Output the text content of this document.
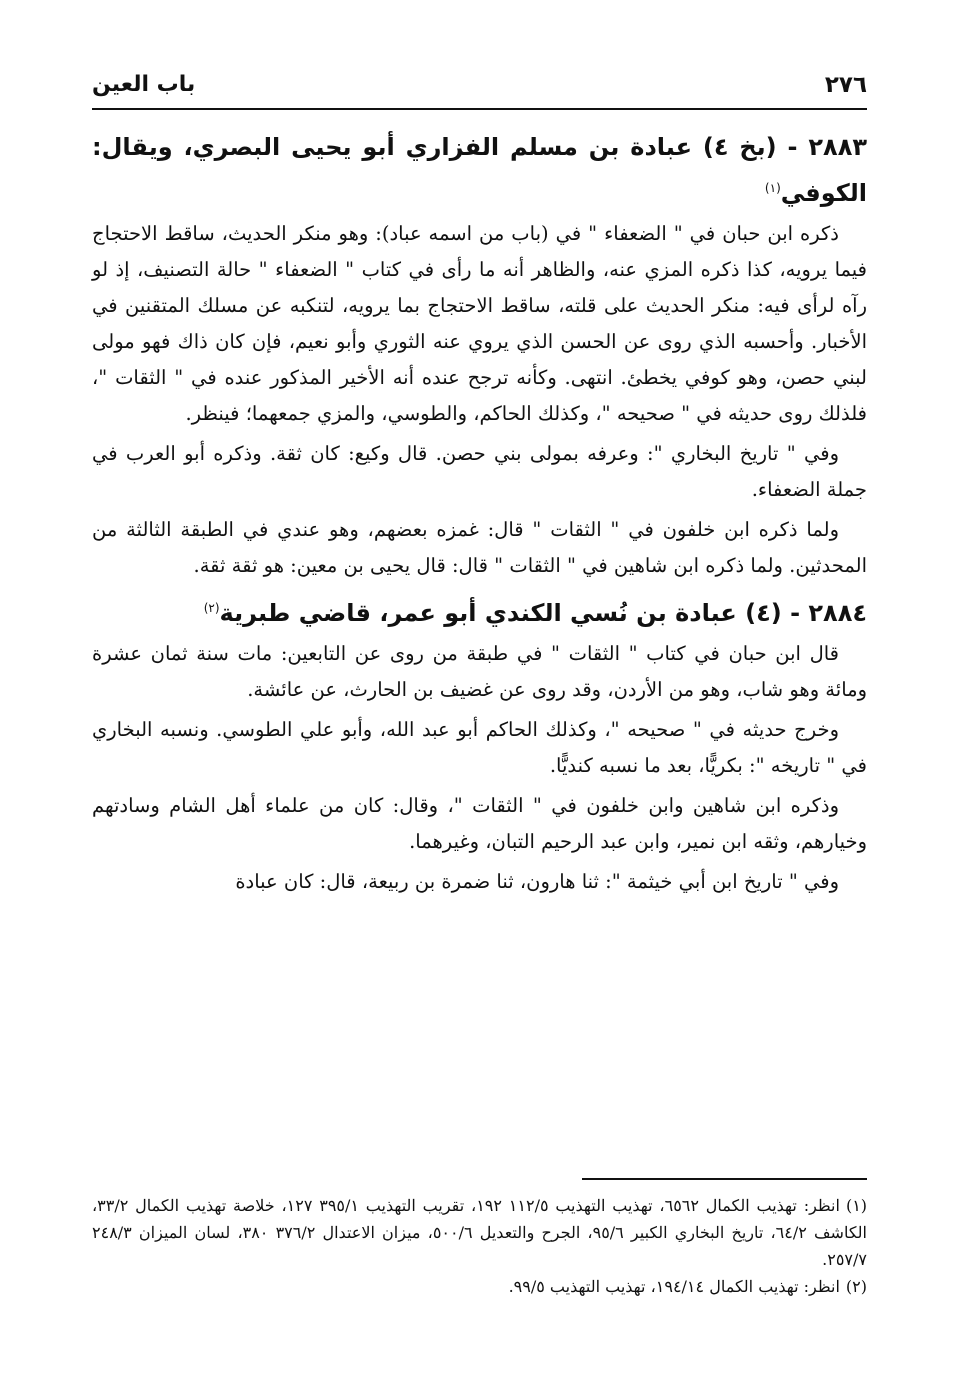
٢٧٦
باب العين
٢٨٨٣ - (بخ ٤) عبادة بن مسلم الفزاري أبو يحيى البصري، ويقال: الكوفي$^{(١)}$

ذكره ابن حبان في " الضعفاء " في (باب من اسمه عباد): وهو منكر الحديث، ساقط الاحتجاج فيما يرويه، كذا ذكره المزي عنه، والظاهر أنه ما رأى في كتاب " الضعفاء " حالة التصنيف، إذ لو رآه لرأى فيه: منكر الحديث على قلته، ساقط الاحتجاج بما يرويه، لتنكبه عن مسلك المتقنين في الأخبار. وأحسبه الذي روى عن الحسن الذي يروي عنه الثوري وأبو نعيم، فإن كان ذاك فهو مولى لبني حصن، وهو كوفي يخطئ. انتهى. وكأنه ترجح عنده أنه الأخير المذكور عنده في " الثقات "، فلذلك روى حديثه في " صحيحه "، وكذلك الحاكم، والطوسي، والمزي جمعهما؛ فينظر.

وفي " تاريخ البخاري ": وعرفه بمولى بني حصن. قال وكيع: كان ثقة. وذكره أبو العرب في جملة الضعفاء.

ولما ذكره ابن خلفون في " الثقات " قال: غمزه بعضهم، وهو عندي في الطبقة الثالثة من المحدثين. ولما ذكره ابن شاهين في " الثقات " قال: قال يحيى بن معين: هو ثقة ثقة.

٢٨٨٤ - (٤) عبادة بن نُسي الكندي أبو عمر، قاضي طبرية$^{(٢)}$

قال ابن حبان في كتاب " الثقات " في طبقة من روى عن التابعين: مات سنة ثمان عشرة ومائة وهو شاب، وهو من الأردن، وقد روى عن غضيف بن الحارث، عن عائشة.

وخرج حديثه في " صحيحه "، وكذلك الحاكم أبو عبد الله، وأبو علي الطوسي. ونسبه البخاري في " تاريخه ": بكريًّا، بعد ما نسبه كنديًّا.

وذكره ابن شاهين وابن خلفون في " الثقات "، وقال: كان من علماء أهل الشام وسادتهم وخيارهم، وثقه ابن نمير، وابن عبد الرحيم التبان، وغيرهما.

وفي " تاريخ ابن أبي خيثمة ": ثنا هارون، ثنا ضمرة بن ربيعة، قال: كان عبادة

(١)انظر: تهذيب الكمال ٦٥٦٢، تهذيب التهذيب ١١٢/٥ ١٩٢، تقريب التهذيب ٣٩٥/١ ١٢٧، خلاصة تهذيب الكمال ٣٣/٢، الكاشف ٦٤/٢، تاريخ البخاري الكبير ٩٥/٦، الجرح والتعديل ٥٠٠/٦، ميزان الاعتدال ٣٧٦/٢ ٣٨٠، لسان الميزان ٢٤٨/٣ ٢٥٧/٧.

(٢)انظر: تهذيب الكمال ١٩٤/١٤، تهذيب التهذيب ٩٩/٥.
